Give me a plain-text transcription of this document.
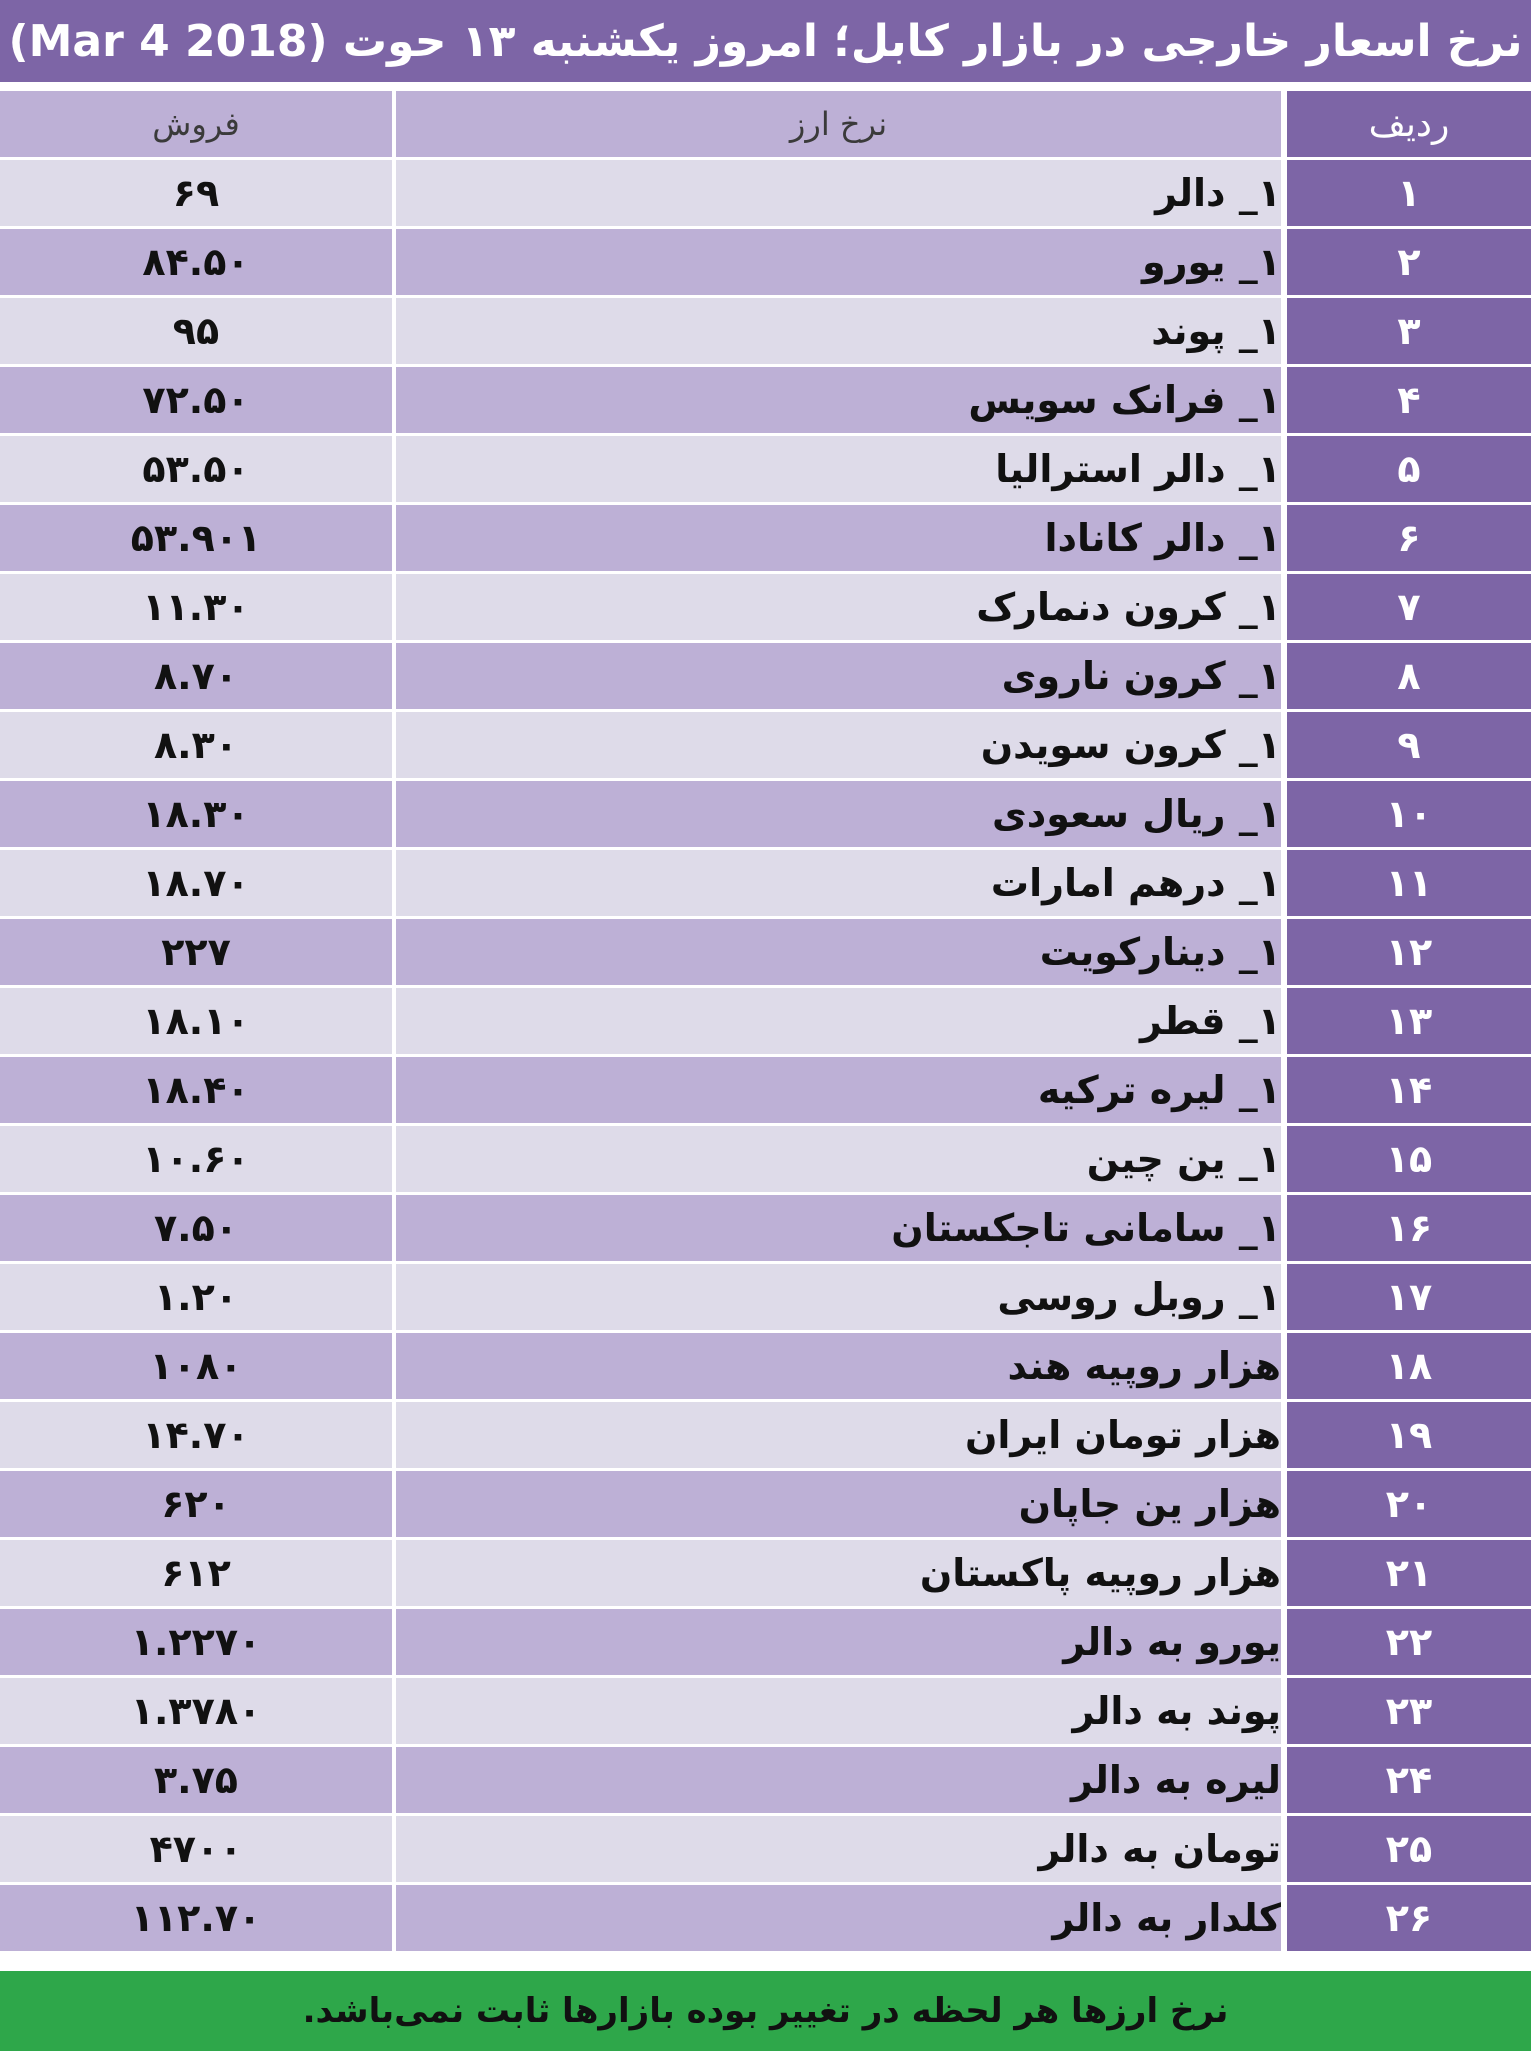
نرخ اسعار خارجی در بازار کابل؛ امروز یکشنبه ۱۳ حوت (Mar 4 2018)
ردیف	نرخ ارز	فروش
۱	۱_ دالر	۶۹
۲	۱_ یورو	۸۴.۵۰
۳	۱_ پوند	۹۵
۴	۱_ فرانک سویس	۷۲.۵۰
۵	۱_ دالر استرالیا	۵۳.۵۰
۶	۱_ دالر کانادا	۵۳.۹۰۱
۷	۱_ کرون دنمارک	۱۱.۳۰
۸	۱_ کرون ناروی	۸.۷۰
۹	۱_ کرون سویدن	۸.۳۰
۱۰	۱_ ریال سعودی	۱۸.۳۰
۱۱	۱_ درهم امارات	۱۸.۷۰
۱۲	۱_ دینارکویت	۲۲۷
۱۳	۱_ قطر	۱۸.۱۰
۱۴	۱_ لیره ترکیه	۱۸.۴۰
۱۵	۱_ ین چین	۱۰.۶۰
۱۶	۱_ سامانی تاجکستان	۷.۵۰
۱۷	۱_ روبل روسی	۱.۲۰
۱۸	هزار روپیه هند	۱۰۸۰
۱۹	هزار تومان ایران	۱۴.۷۰
۲۰	هزار ین جاپان	۶۲۰
۲۱	هزار روپیه پاکستان	۶۱۲
۲۲	یورو به دالر	۱.۲۲۷۰
۲۳	پوند به دالر	۱.۳۷۸۰
۲۴	لیره به دالر	۳.۷۵
۲۵	تومان به دالر	۴۷۰۰
۲۶	کلدار به دالر	۱۱۲.۷۰
نرخ ارزها هر لحظه در تغییر بوده بازارها ثابت نمی‌باشد.
